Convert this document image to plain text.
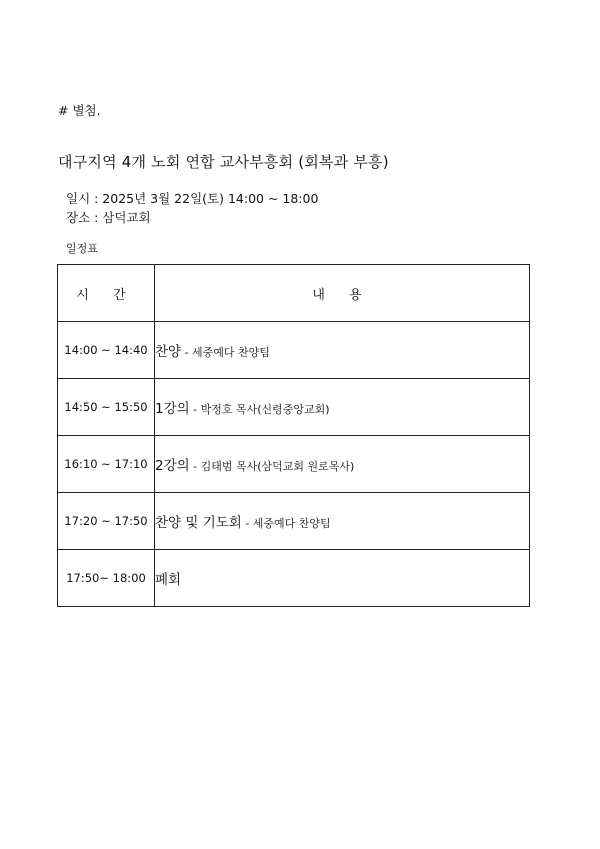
# 별첨.
대구지역 4개 노회 연합 교사부흥회 (회복과 부흥)
일시 : 2025년 3월 22일(토) 14:00 ~ 18:00
장소 : 삼덕교회
일정표
시 간	내 용
14:00 ~ 14:40	찬양 - 세중예다 찬양팀
14:50 ~ 15:50	1강의 - 박정호 목사(신령중앙교회)
16:10 ~ 17:10	2강의 - 김태범 목사(삼덕교회 원로목사)
17:20 ~ 17:50	찬양 및 기도회 - 세중예다 찬양팀
17:50~ 18:00	폐회
